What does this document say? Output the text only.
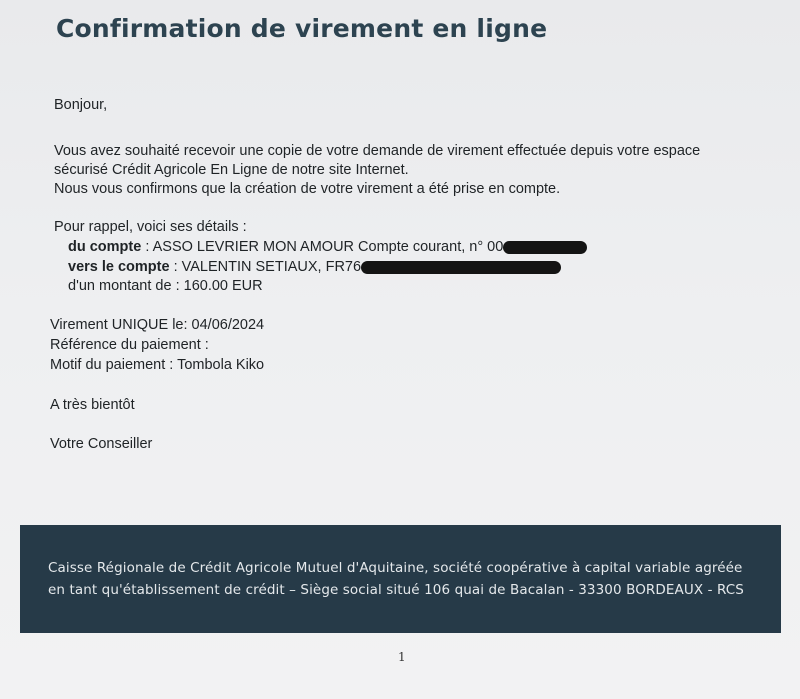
Confirmation de virement en ligne
Bonjour,
Vous avez souhaité recevoir une copie de votre demande de virement effectuée depuis votre espace
sécurisé Crédit Agricole En Ligne de notre site Internet.
Nous vous confirmons que la création de votre virement a été prise en compte.
Pour rappel, voici ses détails :
du compte : ASSO LEVRIER MON AMOUR Compte courant, n° 00
vers le compte : VALENTIN SETIAUX, FR76
d'un montant de : 160.00 EUR
Virement UNIQUE le: 04/06/2024
Référence du paiement :
Motif du paiement : Tombola Kiko
A très bientôt
Votre Conseiller
Caisse Régionale de Crédit Agricole Mutuel d'Aquitaine, société coopérative à capital variable agréée
en tant qu'établissement de crédit – Siège social situé 106 quai de Bacalan - 33300 BORDEAUX - RCS
1
